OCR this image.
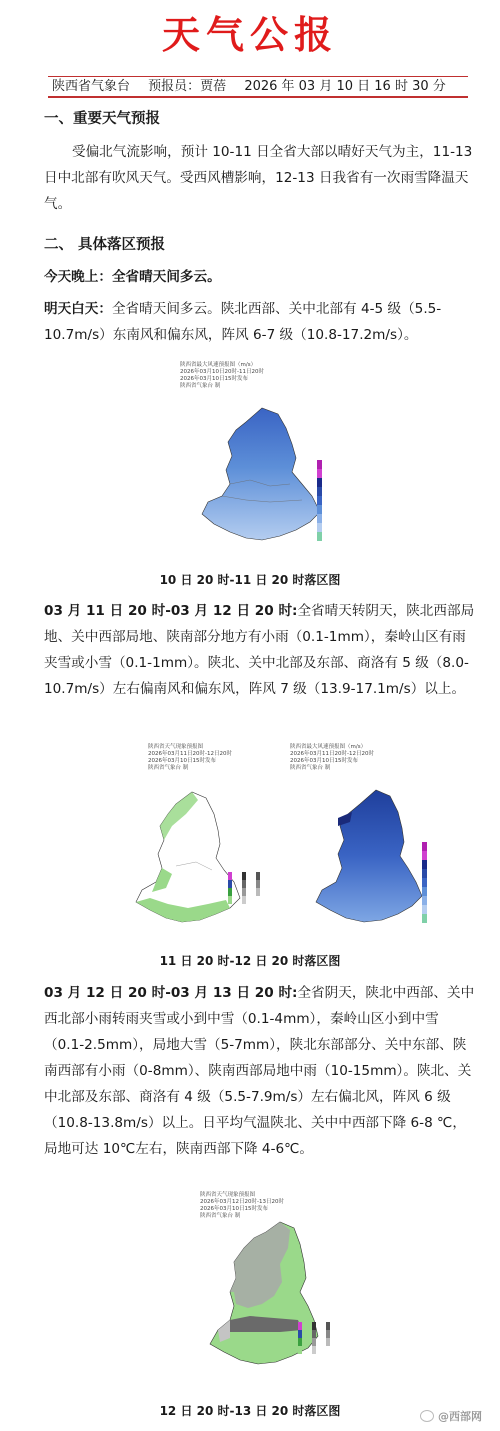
天气公报
陕西省气象台 预报员：贾蓓 2026 年 03 月 10 日 16 时 30 分
一、重要天气预报
受偏北气流影响，预计 10-11 日全省大部以晴好天气为主，11-13 日中北部有吹风天气。受西风槽影响，12-13 日我省有一次雨雪降温天气。
二、 具体落区预报
今天晚上：全省晴天间多云。
明天白天：全省晴天间多云。陕北西部、关中北部有 4-5 级（5.5-10.7m/s）东南风和偏东风，阵风 6-7 级（10.8-17.2m/s）。
陕西省最大风速预报图（m/s）
2026年03月10日20时-11日20时
2026年03月10日15时发布
陕西省气象台 制
10 日 20 时-11 日 20 时落区图
03 月 11 日 20 时-03 月 12 日 20 时:全省晴天转阴天，陕北西部局地、关中西部局地、陕南部分地方有小雨（0.1-1mm），秦岭山区有雨夹雪或小雪（0.1-1mm）。陕北、关中北部及东部、商洛有 5 级（8.0-10.7m/s）左右偏南风和偏东风，阵风 7 级（13.9-17.1m/s）以上。
陕西省天气现象预报图
2026年03月11日20时-12日20时
2026年03月10日15时发布
陕西省气象台 制
陕西省最大风速预报图（m/s）
2026年03月11日20时-12日20时
2026年03月10日15时发布
陕西省气象台 制
11 日 20 时-12 日 20 时落区图
03 月 12 日 20 时-03 月 13 日 20 时:全省阴天，陕北中西部、关中西北部小雨转雨夹雪或小到中雪（0.1-4mm），秦岭山区小到中雪（0.1-2.5mm），局地大雪（5-7mm），陕北东部部分、关中东部、陕南西部有小雨（0-8mm）、陕南西部局地中雨（10-15mm）。陕北、关中北部及东部、商洛有 4 级（5.5-7.9m/s）左右偏北风，阵风 6 级（10.8-13.8m/s）以上。日平均气温陕北、关中中西部下降 6-8 ℃，局地可达 10℃左右，陕南西部下降 4-6℃。
陕西省天气现象预报图
2026年03月12日20时-13日20时
2026年03月10日15时发布
陕西省气象台 制
12 日 20 时-13 日 20 时落区图	@西部网
